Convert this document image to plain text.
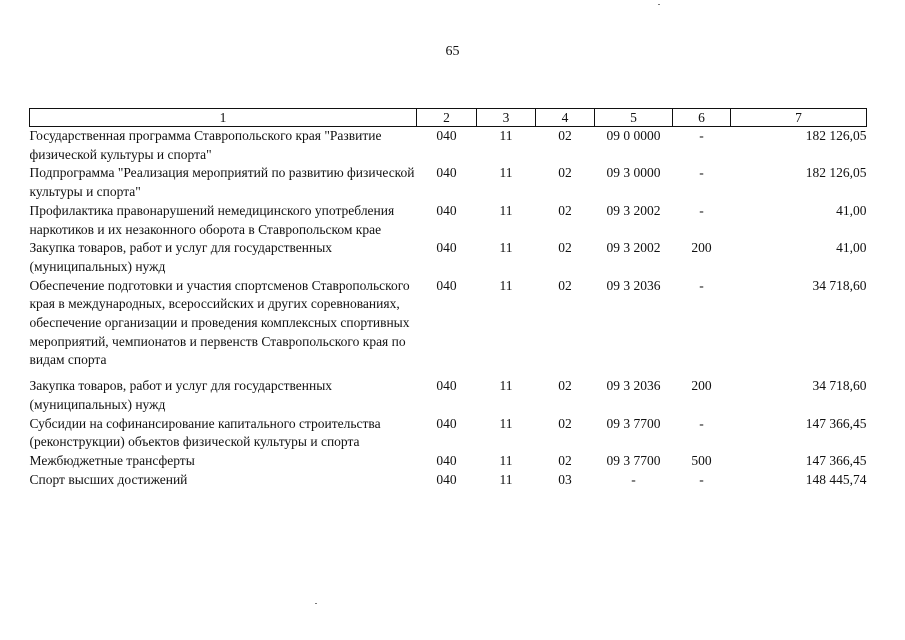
65
1	2	3	4	5	6	7
Государственная программа Ставропольского края "Развитие физической культуры и спорта"	040	11	02	09 0 0000	-	182 126,05
Подпрограмма "Реализация мероприятий по развитию физической культуры и спорта"	040	11	02	09 3 0000	-	182 126,05
Профилактика правонарушений немедицинского употребления наркотиков и их незаконного оборота в Ставропольском крае	040	11	02	09 3 2002	-	41,00
Закупка товаров, работ и услуг для государственных (муниципальных) нужд	040	11	02	09 3 2002	200	41,00
Обеспечение подготовки и участия спортсменов Ставропольского края в международных, всероссийских и других соревнованиях, обеспечение организации и проведения комплексных спортивных мероприятий, чемпионатов и первенств Ставропольского края по видам спорта	040	11	02	09 3 2036	-	34 718,60
Закупка товаров, работ и услуг для государственных (муниципальных) нужд	040	11	02	09 3 2036	200	34 718,60
Субсидии на софинансирование капитального строительства (реконструкции) объектов физической культуры и спорта	040	11	02	09 3 7700	-	147 366,45
Межбюджетные трансферты	040	11	02	09 3 7700	500	147 366,45
Спорт высших достижений	040	11	03	-	-	148 445,74
